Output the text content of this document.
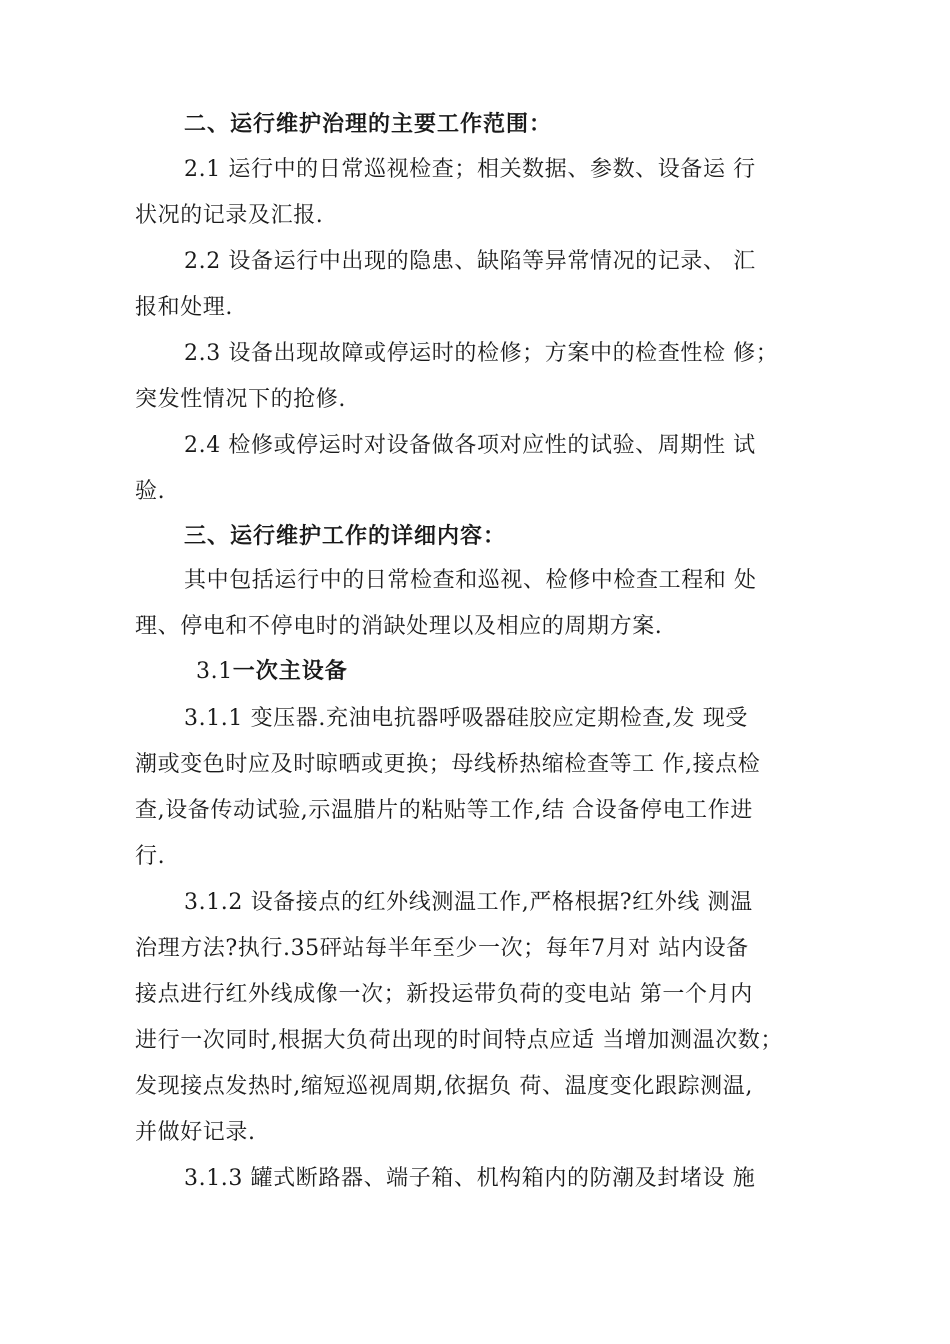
二、运行维护治理的主要工作范围：
2.1 运行中的日常巡视检查；相关数据、参数、设备运 行
状况的记录及汇报.
2.2 设备运行中出现的隐患、缺陷等异常情况的记录、 汇
报和处理.
2.3 设备出现故障或停运时的检修；方案中的检查性检 修；
突发性情况下的抢修.
2.4 检修或停运时对设备做各项对应性的试验、周期性 试
验.
三、运行维护工作的详细内容：
其中包括运行中的日常检查和巡视、检修中检查工程和 处
理、停电和不停电时的消缺处理以及相应的周期方案.
3.1一次主设备
3.1.1 变压器.充油电抗器呼吸器硅胶应定期检查,发 现受
潮或变色时应及时晾晒或更换；母线桥热缩检查等工 作,接点检
查,设备传动试验,示温腊片的粘贴等工作,结 合设备停电工作进
行.
3.1.2 设备接点的红外线测温工作,严格根据?红外线 测温
治理方法?执行.35砰站每半年至少一次；每年7月对 站内设备
接点进行红外线成像一次；新投运带负荷的变电站 第一个月内
进行一次同时,根据大负荷出现的时间特点应适 当增加测温次数；
发现接点发热时,缩短巡视周期,依据负 荷、温度变化跟踪测温,
并做好记录.
3.1.3 罐式断路器、端子箱、机构箱内的防潮及封堵设 施
